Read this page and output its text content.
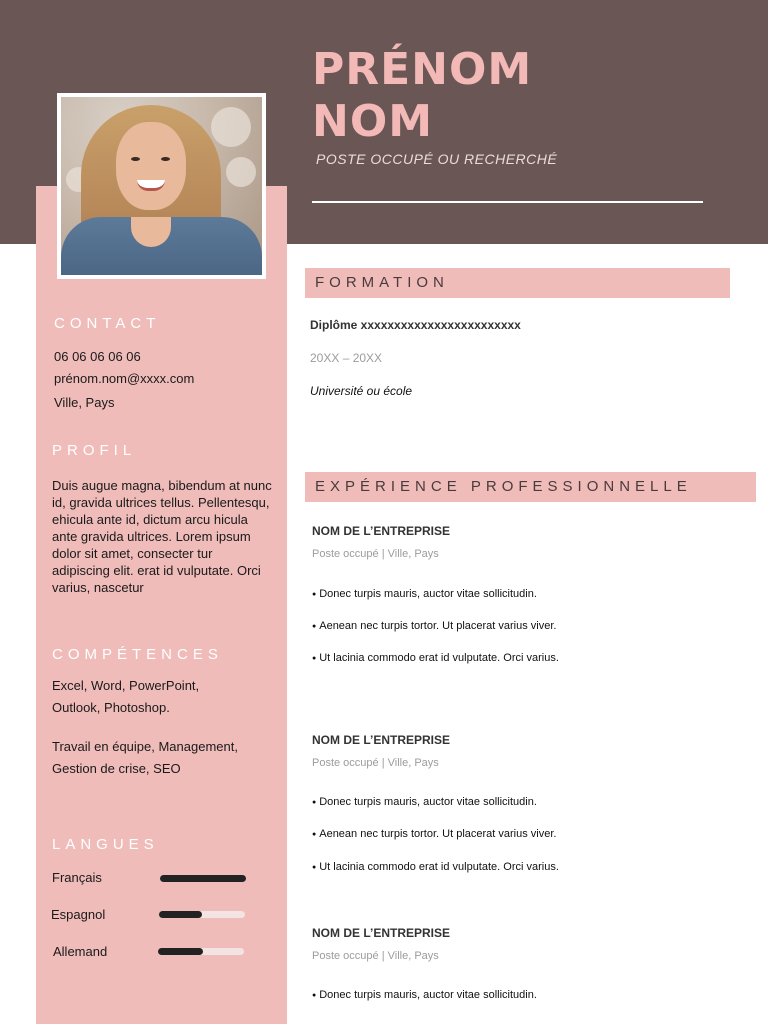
PRÉNOM
NOM
POSTE OCCUPÉ OU RECHERCHÉ
CONTACT
06 06 06 06 06
prénom.nom@xxxx.com
Ville, Pays
PROFIL
Duis augue magna, bibendum at nunc id, gravida ultrices tellus. Pellentesqu, ehicula ante id, dictum arcu hicula ante gravida ultrices. Lorem ipsum dolor sit amet, consecter tur adipiscing elit. erat id vulputate. Orci varius, nascetur
COMPÉTENCES
Excel, Word, PowerPoint,
Outlook, Photoshop.
Travail en équipe, Management,
Gestion de crise, SEO
LANGUES
Français
Espagnol
Allemand
FORMATION
Diplôme xxxxxxxxxxxxxxxxxxxxxxxx
20XX – 20XX
Université ou école
EXPÉRIENCE PROFESSIONNELLE
NOM DE L’ENTREPRISE
Poste occupé | Ville, Pays
● Donec turpis mauris, auctor vitae sollicitudin.
● Aenean nec turpis tortor. Ut placerat varius viver.
● Ut lacinia commodo erat id vulputate. Orci varius.
NOM DE L’ENTREPRISE
Poste occupé | Ville, Pays
● Donec turpis mauris, auctor vitae sollicitudin.
● Aenean nec turpis tortor. Ut placerat varius viver.
● Ut lacinia commodo erat id vulputate. Orci varius.
NOM DE L’ENTREPRISE
Poste occupé | Ville, Pays
● Donec turpis mauris, auctor vitae sollicitudin.
